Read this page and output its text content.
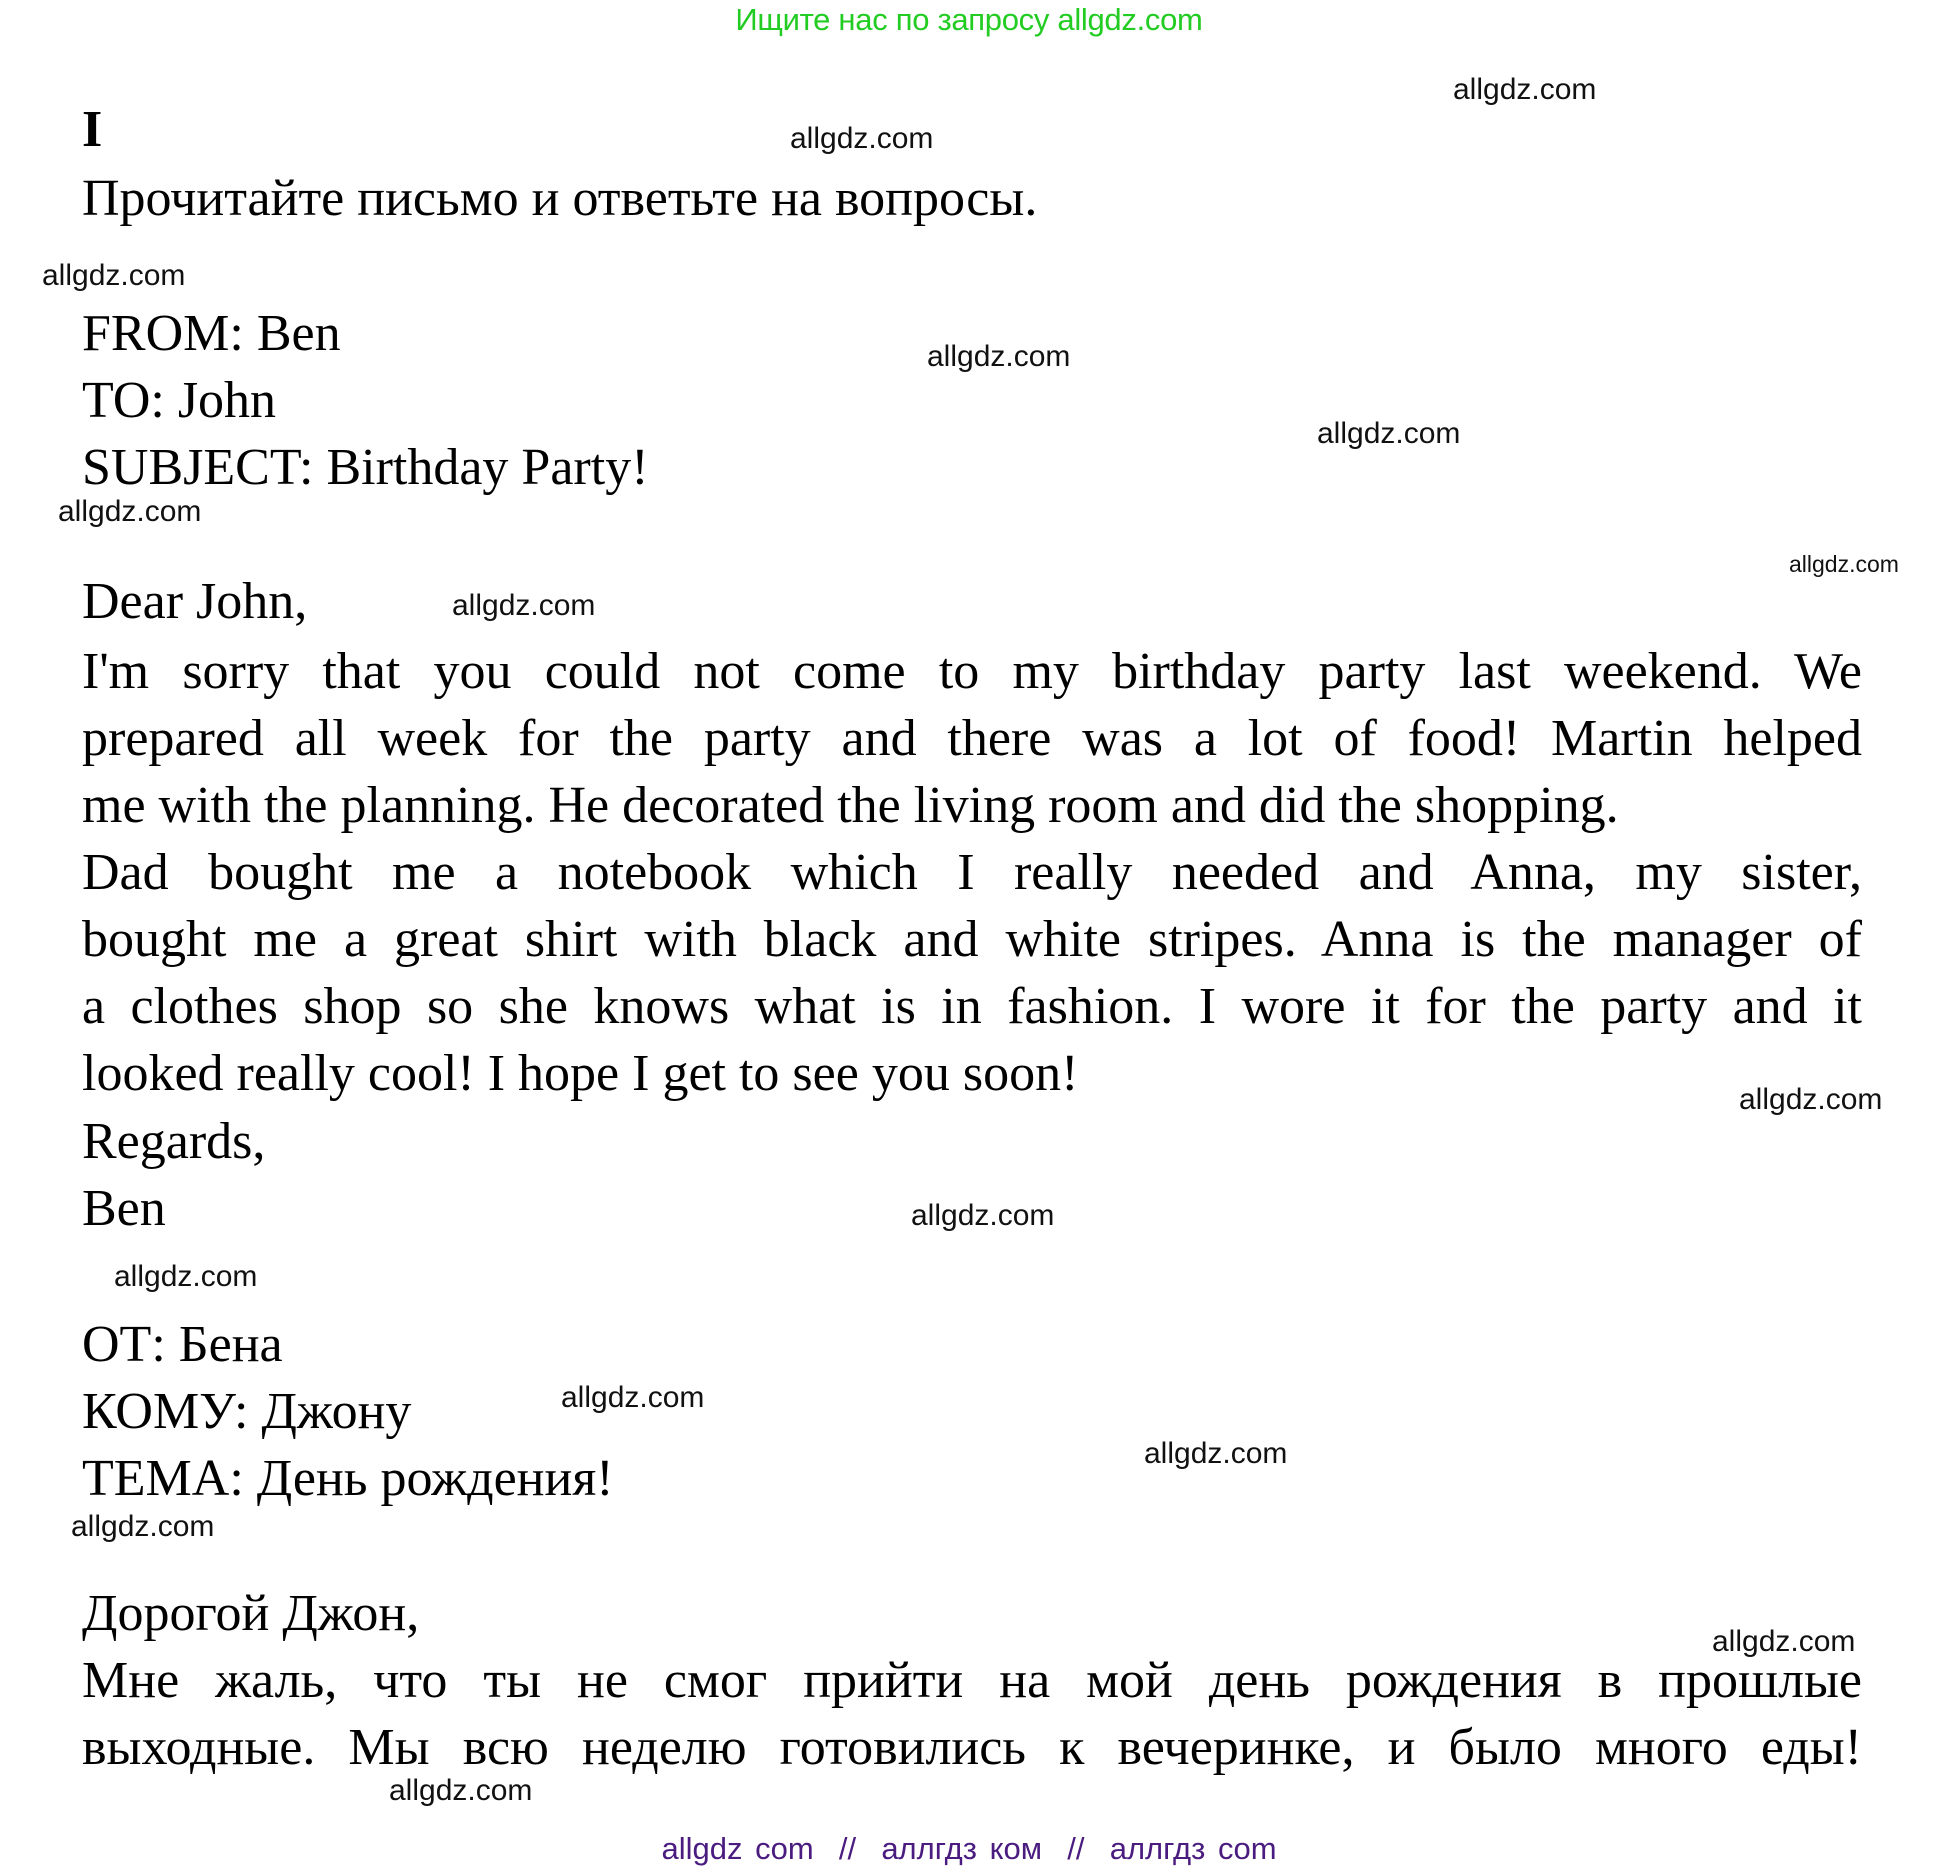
Ищите нас по запросу allgdz.com
I
Прочитайте письмо и ответьте на вопросы.
FROM: Ben
TO: John
SUBJECT: Birthday Party!
Dear John,
I'm sorry that you could not come to my birthday party last weekend. We
prepared all week for the party and there was a lot of food! Martin helped
me with the planning. He decorated the living room and did the shopping.
Dad bought me a notebook which I really needed and Anna, my sister,
bought me a great shirt with black and white stripes. Anna is the manager of
a clothes shop so she knows what is in fashion. I wore it for the party and it
looked really cool! I hope I get to see you soon!
Regards,
Ben
ОТ: Бена
КОМУ: Джону
ТЕМА: День рождения!
Дорогой Джон,
Мне жаль, что ты не смог прийти на мой день рождения в прошлые
выходные. Мы всю неделю готовились к вечеринке, и было много еды!
allgdz.com
allgdz.com
allgdz.com
allgdz.com
allgdz.com
allgdz.com
allgdz.com
allgdz.com
allgdz.com
allgdz.com
allgdz.com
allgdz.com
allgdz.com
allgdz.com
allgdz.com
allgdz.com
allgdz com  //  аллгдз ком  //  аллгдз com
